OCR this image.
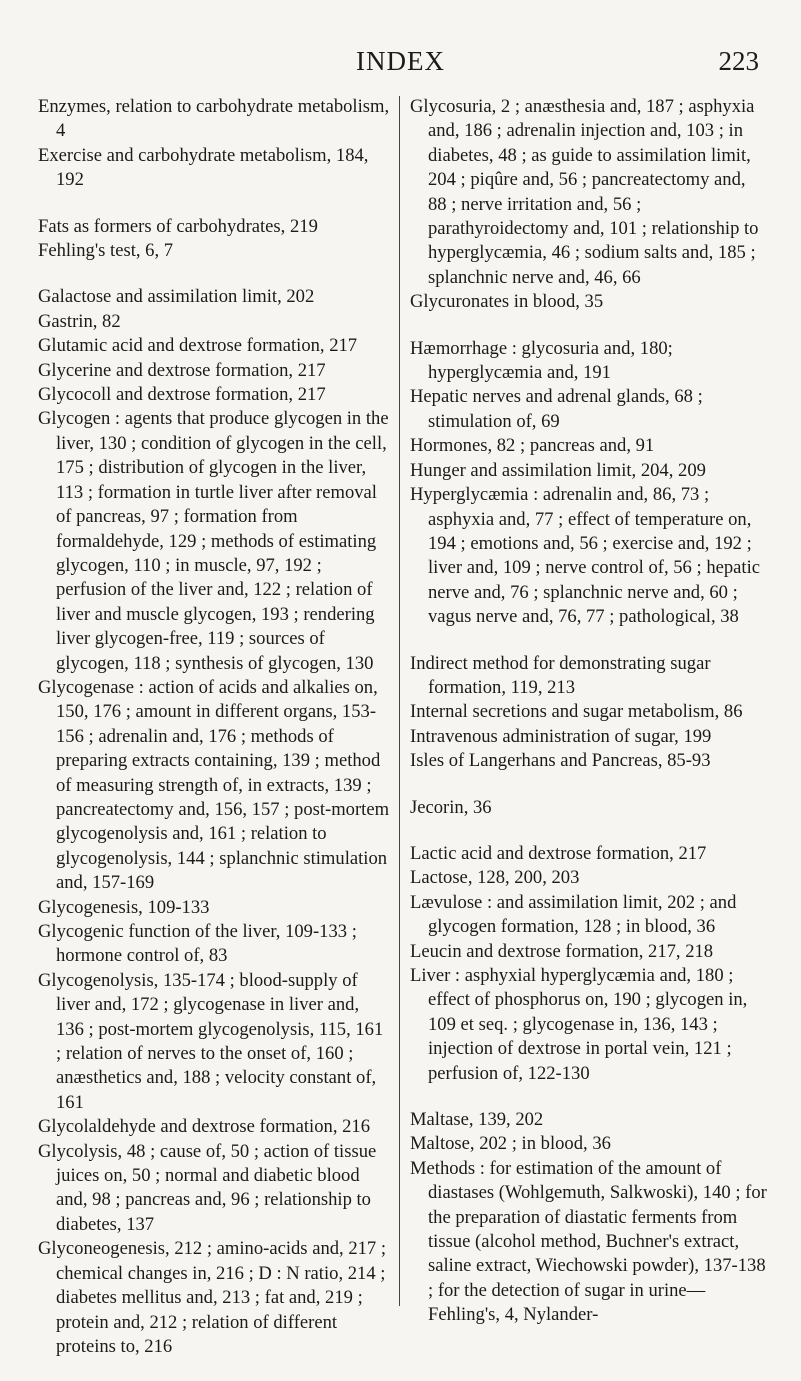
INDEX	223

Enzymes, relation to carbohydrate metabolism, 4

Exercise and carbohydrate metabolism, 184, 192

Fats as formers of carbohydrates, 219

Fehling's test, 6, 7

Galactose and assimilation limit, 202

Gastrin, 82

Glutamic acid and dextrose formation, 217

Glycerine and dextrose formation, 217

Glycocoll and dextrose formation, 217

Glycogen : agents that produce glycogen in the liver, 130 ; condition of glycogen in the cell, 175 ; distribution of glycogen in the liver, 113 ; formation in turtle liver after removal of pancreas, 97 ; formation from formaldehyde, 129 ; methods of estimating glycogen, 110 ; in muscle, 97, 192 ; perfusion of the liver and, 122 ; relation of liver and muscle glycogen, 193 ; rendering liver glycogen-free, 119 ; sources of glycogen, 118 ; synthesis of glycogen, 130

Glycogenase : action of acids and alkalies on, 150, 176 ; amount in different organs, 153-156 ; adrenalin and, 176 ; methods of preparing extracts containing, 139 ; method of measuring strength of, in extracts, 139 ; pancreatectomy and, 156, 157 ; post-mortem glycogenolysis and, 161 ; relation to glycogenolysis, 144 ; splanchnic stimulation and, 157-169

Glycogenesis, 109-133

Glycogenic function of the liver, 109-133 ; hormone control of, 83

Glycogenolysis, 135-174 ; blood-supply of liver and, 172 ; glycogenase in liver and, 136 ; post-mortem glycogenolysis, 115, 161 ; relation of nerves to the onset of, 160 ; anæsthetics and, 188 ; velocity constant of, 161

Glycolaldehyde and dextrose formation, 216

Glycolysis, 48 ; cause of, 50 ; action of tissue juices on, 50 ; normal and diabetic blood and, 98 ; pancreas and, 96 ; relationship to diabetes, 137

Glyconeogenesis, 212 ; amino-acids and, 217 ; chemical changes in, 216 ; D : N ratio, 214 ; diabetes mellitus and, 213 ; fat and, 219 ; protein and, 212 ; relation of different proteins to, 216

Glycosuria, 2 ; anæsthesia and, 187 ; asphyxia and, 186 ; adrenalin injection and, 103 ; in diabetes, 48 ; as guide to assimilation limit, 204 ; piqûre and, 56 ; pancreatectomy and, 88 ; nerve irritation and, 56 ; parathyroidectomy and, 101 ; relationship to hyperglycæmia, 46 ; sodium salts and, 185 ; splanchnic nerve and, 46, 66

Glycuronates in blood, 35

Hæmorrhage : glycosuria and, 180; hyperglycæmia and, 191

Hepatic nerves and adrenal glands, 68 ; stimulation of, 69

Hormones, 82 ; pancreas and, 91

Hunger and assimilation limit, 204, 209

Hyperglycæmia : adrenalin and, 86, 73 ; asphyxia and, 77 ; effect of temperature on, 194 ; emotions and, 56 ; exercise and, 192 ; liver and, 109 ; nerve control of, 56 ; hepatic nerve and, 76 ; splanchnic nerve and, 60 ; vagus nerve and, 76, 77 ; pathological, 38

Indirect method for demonstrating sugar formation, 119, 213

Internal secretions and sugar metabolism, 86

Intravenous administration of sugar, 199

Isles of Langerhans and Pancreas, 85-93

Jecorin, 36

Lactic acid and dextrose formation, 217

Lactose, 128, 200, 203

Lævulose : and assimilation limit, 202 ; and glycogen formation, 128 ; in blood, 36

Leucin and dextrose formation, 217, 218

Liver : asphyxial hyperglycæmia and, 180 ; effect of phosphorus on, 190 ; glycogen in, 109 et seq. ; glycogenase in, 136, 143 ; injection of dextrose in portal vein, 121 ; perfusion of, 122-130

Maltase, 139, 202

Maltose, 202 ; in blood, 36

Methods : for estimation of the amount of diastases (Wohlgemuth, Salkwoski), 140 ; for the preparation of diastatic ferments from tissue (alcohol method, Buchner's extract, saline extract, Wiechowski powder), 137-138 ; for the detection of sugar in urine—Fehling's, 4, Nylander-
